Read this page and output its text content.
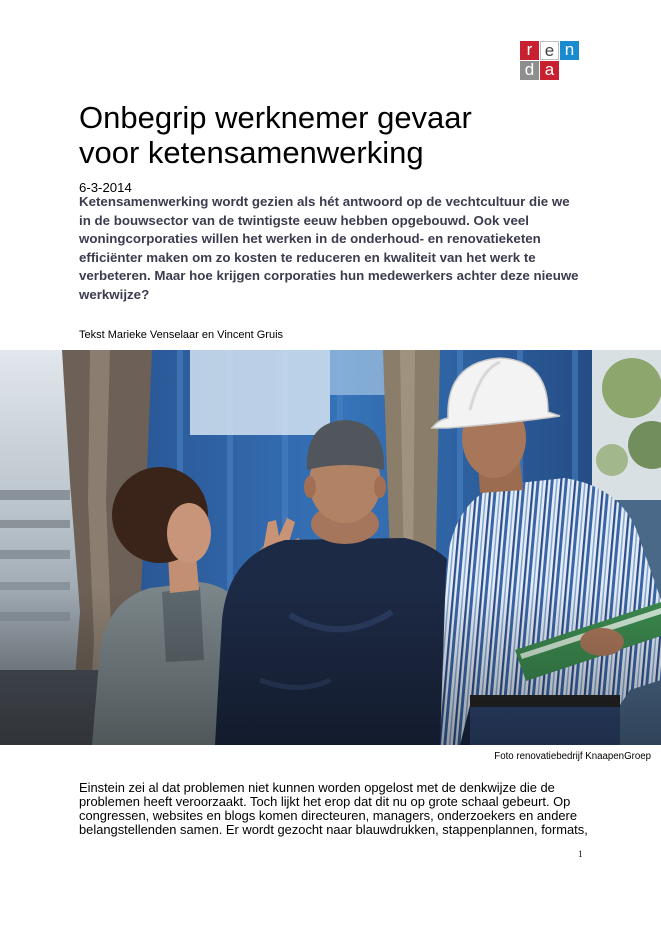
r e n
d a
Onbegrip werknemer gevaar
voor ketensamenwerking
6-3-2014
Ketensamenwerking wordt gezien als hét antwoord op de vechtcultuur die we
in de bouwsector van de twintigste eeuw hebben opgebouwd. Ook veel
woningcorporaties willen het werken in de onderhoud- en renovatieketen
efficiënter maken om zo kosten te reduceren en kwaliteit van het werk te
verbeteren. Maar hoe krijgen corporaties hun medewerkers achter deze nieuwe
werkwijze?
Tekst Marieke Venselaar en Vincent Gruis
Foto renovatiebedrijf KnaapenGroep
Einstein zei al dat problemen niet kunnen worden opgelost met de denkwijze die de
problemen heeft veroorzaakt. Toch lijkt het erop dat dit nu op grote schaal gebeurt. Op
congressen, websites en blogs komen directeuren, managers, onderzoekers en andere
belangstellenden samen. Er wordt gezocht naar blauwdrukken, stappenplannen, formats,
1
